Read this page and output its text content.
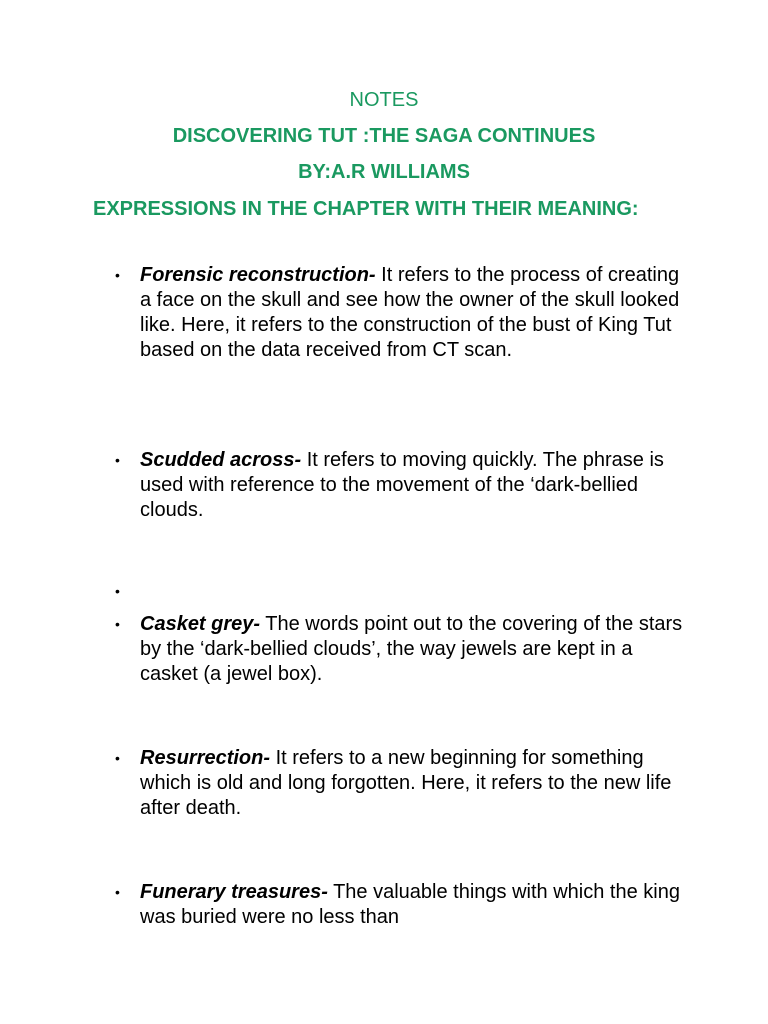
NOTES
DISCOVERING TUT :THE SAGA CONTINUES
BY:A.R WILLIAMS
EXPRESSIONS IN THE CHAPTER WITH THEIR MEANING:
• Forensic reconstruction- It refers to the process of creating a face on the skull and see how the owner of the skull looked like. Here, it refers to the construction of the bust of King Tut based on the data received from CT scan.
• Scudded across- It refers to moving quickly. The phrase is used with reference to the movement of the ‘dark-bellied clouds.
•
• Casket grey- The words point out to the covering of the stars by the ‘dark-bellied clouds’, the way jewels are kept in a casket (a jewel box).
• Resurrection- It refers to a new beginning for something which is old and long forgotten. Here, it refers to the new life after death.
• Funerary treasures- The valuable things with which the king was buried were no less than
